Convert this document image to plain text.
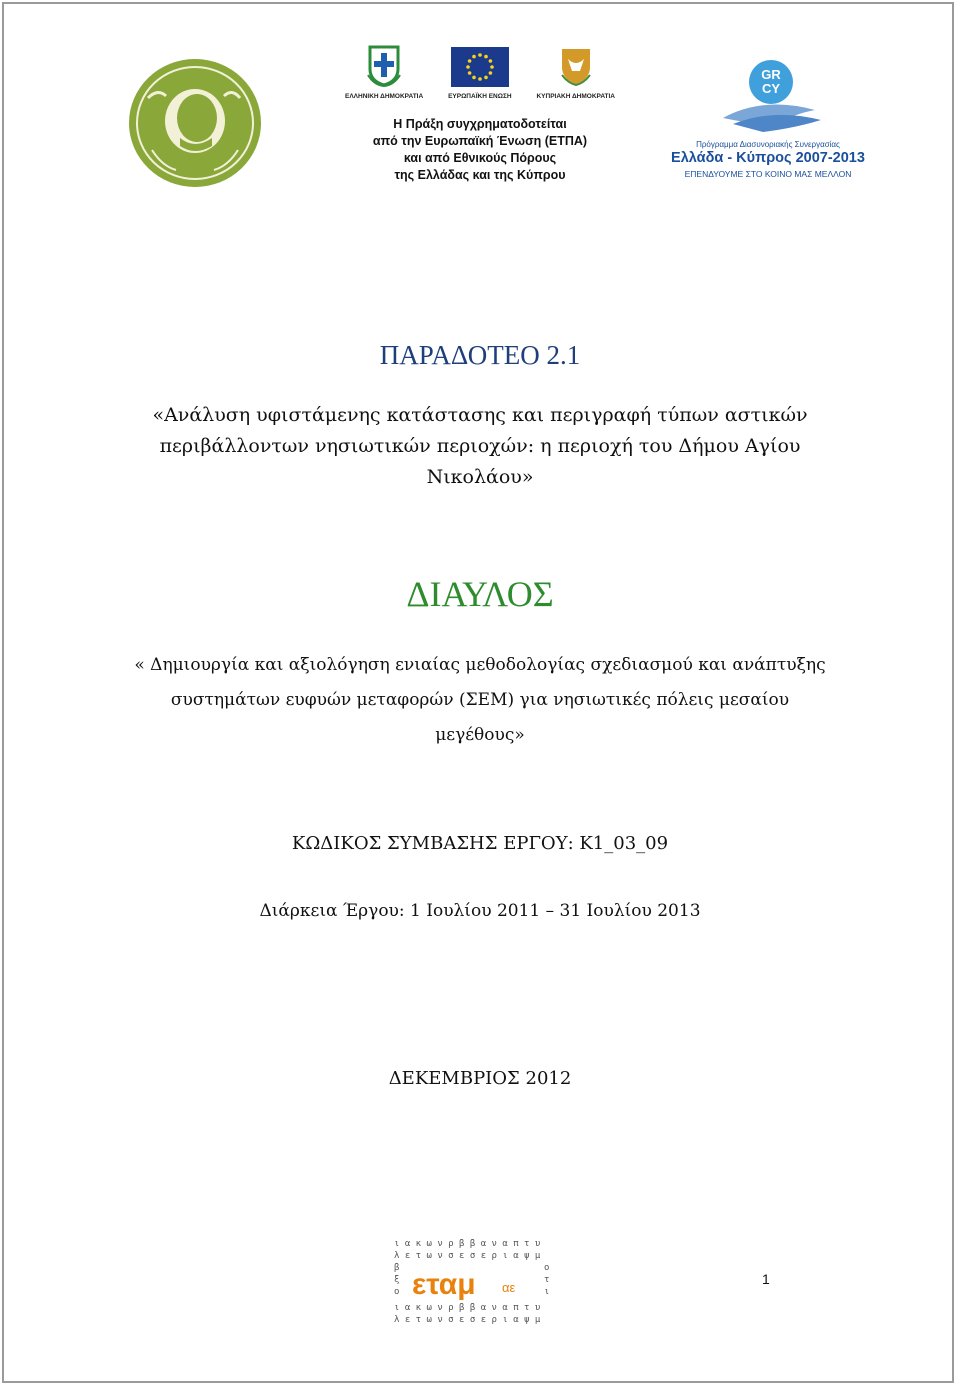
ΕΛΛΗΝΙΚΗ ΔΗΜΟΚΡΑΤΙΑ	ΕΥΡΩΠΑΪΚΗ ΕΝΩΣΗ	ΚΥΠΡΙΑΚΗ ΔΗΜΟΚΡΑΤΙΑ
Η Πράξη συγχρηματοδοτείται
από την Ευρωπαϊκή Ένωση (ΕΤΠΑ)
και από Εθνικούς Πόρους
της Ελλάδας και της Κύπρου
GR
CY
Πρόγραμμα Διασυνοριακής Συνεργασίας
Ελλάδα - Κύπρος 2007-2013
ΕΠΕΝΔΥΟΥΜΕ ΣΤΟ ΚΟΙΝΟ ΜΑΣ ΜΕΛΛΟΝ
ΠΑΡΑΔΟΤΕΟ 2.1
«Ανάλυση υφιστάμενης κατάστασης και περιγραφή τύπων αστικών
περιβάλλοντων νησιωτικών περιοχών: η περιοχή του Δήμου Αγίου
Νικολάου»
ΔΙΑΥΛΟΣ
« Δημιουργία και αξιολόγηση ενιαίας μεθοδολογίας σχεδιασμού και ανάπτυξης
συστημάτων ευφυών μεταφορών (ΣΕΜ) για νησιωτικές πόλεις μεσαίου
μεγέθους»
ΚΩΔΙΚΟΣ ΣΥΜΒΑΣΗΣ ΕΡΓΟΥ: Κ1_03_09
Διάρκεια Έργου: 1 Ιουλίου 2011 – 31 Ιουλίου 2013
ΔΕΚΕΜΒΡΙΟΣ 2012
ι α κ ω ν ρ β β α ν α π τ υ
λ ε τ ω ν σ ε σ ε ρ ι α ψ μ
ι α κ ω ν ρ β β α ν α π τ υ
λ ε τ ω ν σ ε σ ε ρ ι α ψ μ
β
ξ
ο
ο
τ
ι
εταμ αε
1
